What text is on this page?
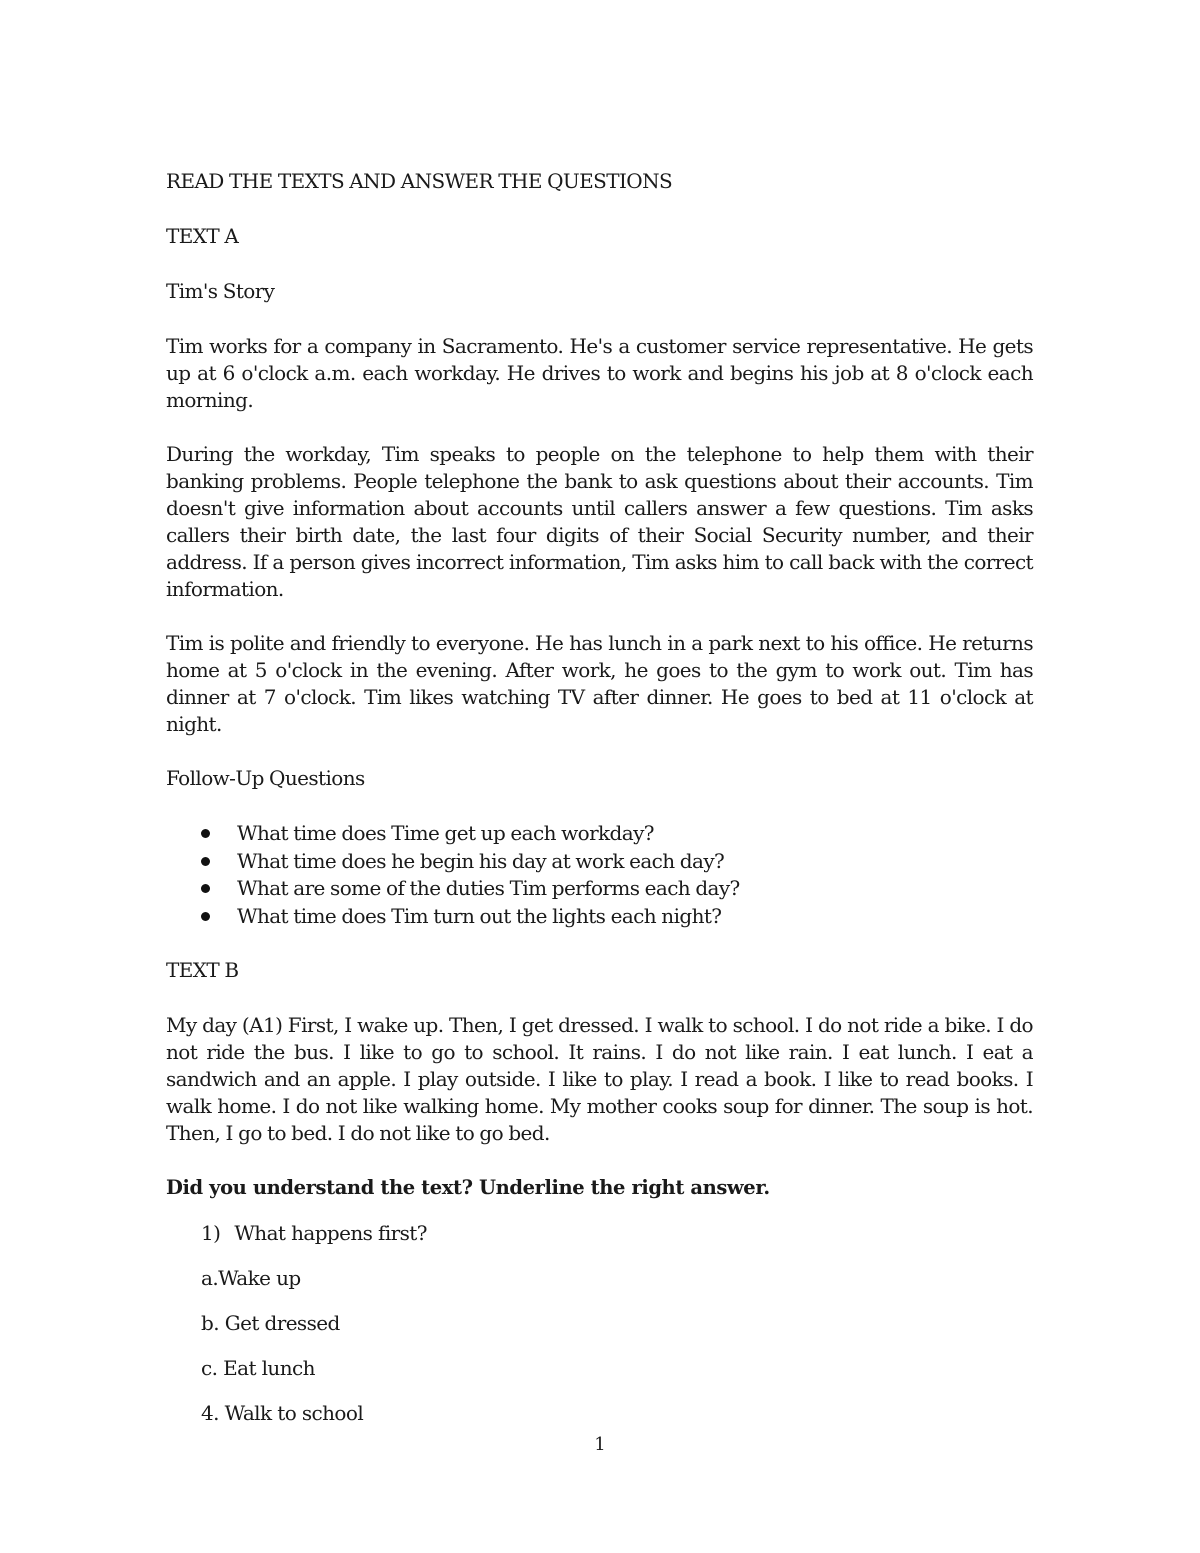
READ THE TEXTS AND ANSWER THE QUESTIONS

TEXT A

Tim's Story

Tim works for a company in Sacramento. He's a customer service representative. He gets up at 6 o'clock a.m. each workday. He drives to work and begins his job at 8 o'clock each morning.

During the workday, Tim speaks to people on the telephone to help them with their banking problems. People telephone the bank to ask questions about their accounts. Tim doesn't give information about accounts until callers answer a few questions. Tim asks callers their birth date, the last four digits of their Social Security number, and their address. If a person gives incorrect information, Tim asks him to call back with the correct information.

Tim is polite and friendly to everyone. He has lunch in a park next to his office. He returns home at 5 o'clock in the evening. After work, he goes to the gym to work out. Tim has dinner at 7 o'clock. Tim likes watching TV after dinner. He goes to bed at 11 o'clock at night.

Follow-Up Questions

What time does Time get up each workday?
What time does he begin his day at work each day?
What are some of the duties Tim performs each day?
What time does Tim turn out the lights each night?

TEXT B

My day (A1) First, I wake up. Then, I get dressed. I walk to school. I do not ride a bike. I do not ride the bus. I like to go to school. It rains. I do not like rain. I eat lunch. I eat a sandwich and an apple. I play outside. I like to play. I read a book. I like to read books. I walk home. I do not like walking home. My mother cooks soup for dinner. The soup is hot. Then, I go to bed. I do not like to go bed.

Did you understand the text? Underline the right answer.

1) What happens first?

a.Wake up

b. Get dressed

c. Eat lunch

4. Walk to school

1
